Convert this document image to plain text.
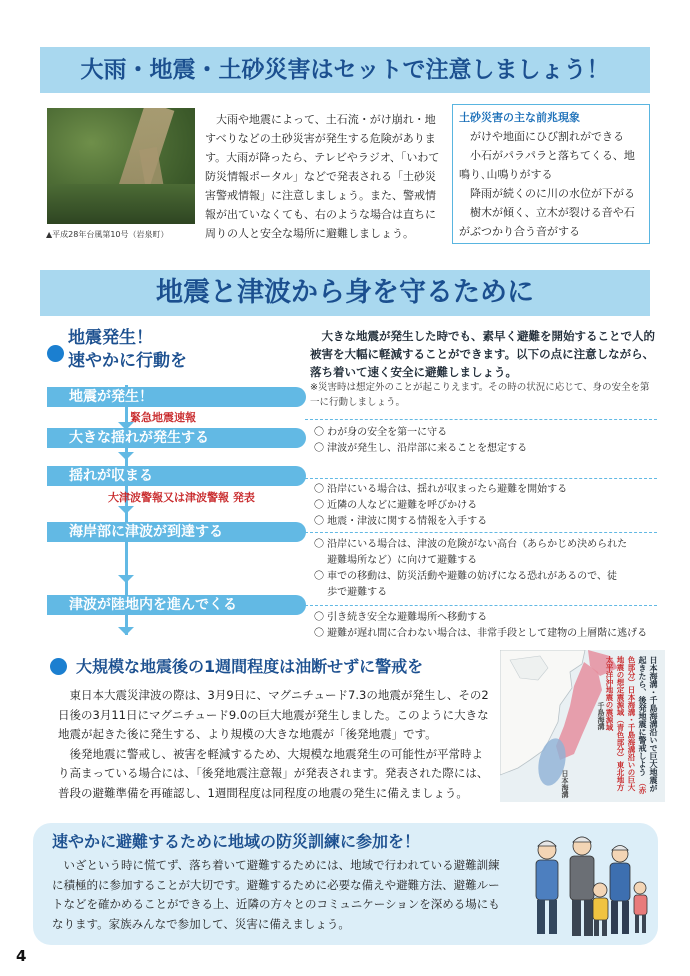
大雨・地震・土砂災害はセットで注意しましょう！
▲平成28年台風第10号（岩泉町）
大雨や地震によって、土石流・がけ崩れ・地すべりなどの土砂災害が発生する危険があります。大雨が降ったら、テレビやラジオ、「いわて防災情報ポータル」などで発表される「土砂災害警戒情報」に注意しましょう。また、警戒情報が出ていなくても、右のような場合は直ちに周りの人と安全な場所に避難しましょう。
土砂災害の主な前兆現象
　がけや地面にひび割れができる
　小石がパラパラと落ちてくる、地
鳴り､山鳴りがする
　降雨が続くのに川の水位が下がる
　樹木が傾く、立木が裂ける音や石
がぶつかり合う音がする
地震と津波から身を守るために
地震発生！
速やかに行動を
大きな地震が発生した時でも、素早く避難を開始することで人的被害を大幅に軽減することができます。以下の点に注意しながら、落ち着いて速く安全に避難しましょう。
※災害時は想定外のことが起こりえます。その時の状況に応じて、身の安全を第一に行動しましょう。
地震が発生！
緊急地震速報
大きな揺れが発生する
揺れが収まる
大津波警報又は津波警報 発表
海岸部に津波が到達する
津波が陸地内を進んでくる
〇 わが身の安全を第一に守る
〇 津波が発生し、沿岸部に来ることを想定する
〇 沿岸にいる場合は、揺れが収まったら避難を開始する
〇 近隣の人などに避難を呼びかける
〇 地震・津波に関する情報を入手する
〇 沿岸にいる場合は、津波の危険がない高台（あらかじめ決められた
　 避難場所など）に向けて避難する
〇 車での移動は、防災活動や避難の妨げになる恐れがあるので、徒
　 歩で避難する
〇 引き続き安全な避難場所へ移動する
〇 避難が遅れ間に合わない場合は、非常手段として建物の上層階に逃げる
大規模な地震後の1週間程度は油断せずに警戒を

東日本大震災津波の際は、3月9日に、マグニチュード7.3の地震が発生し、その2日後の3月11日にマグニチュード9.0の巨大地震が発生しました。このように大きな地震が起きた後に発生する、より規模の大きな地震が「後発地震」です。

後発地震に警戒し、被害を軽減するため、大規模な地震発生の可能性が平常時より高まっている場合には、「後発地震注意報」が発表されます。発表された際には、普段の避難準備を再確認し、1週間程度は同程度の地震の発生に備えましょう。

千島海溝
日本海溝	日本海溝・千島海溝沿いで巨大地震が起きたら、後発地震に警戒しよう （赤色部分）日本海溝・千島海溝沿いの巨大地震の想定震源域（青色部分）東北地方太平洋沖地震の震源域
速やかに避難するために地域の防災訓練に参加を！
いざという時に慌てず、落ち着いて避難するためには、地域で行われている避難訓練に積極的に参加することが大切です。避難するために必要な備えや避難方法、避難ルートなどを確かめることができる上、近隣の方々とのコミュニケーションを深める場にもなります。家族みんなで参加して、災害に備えましょう。
4
